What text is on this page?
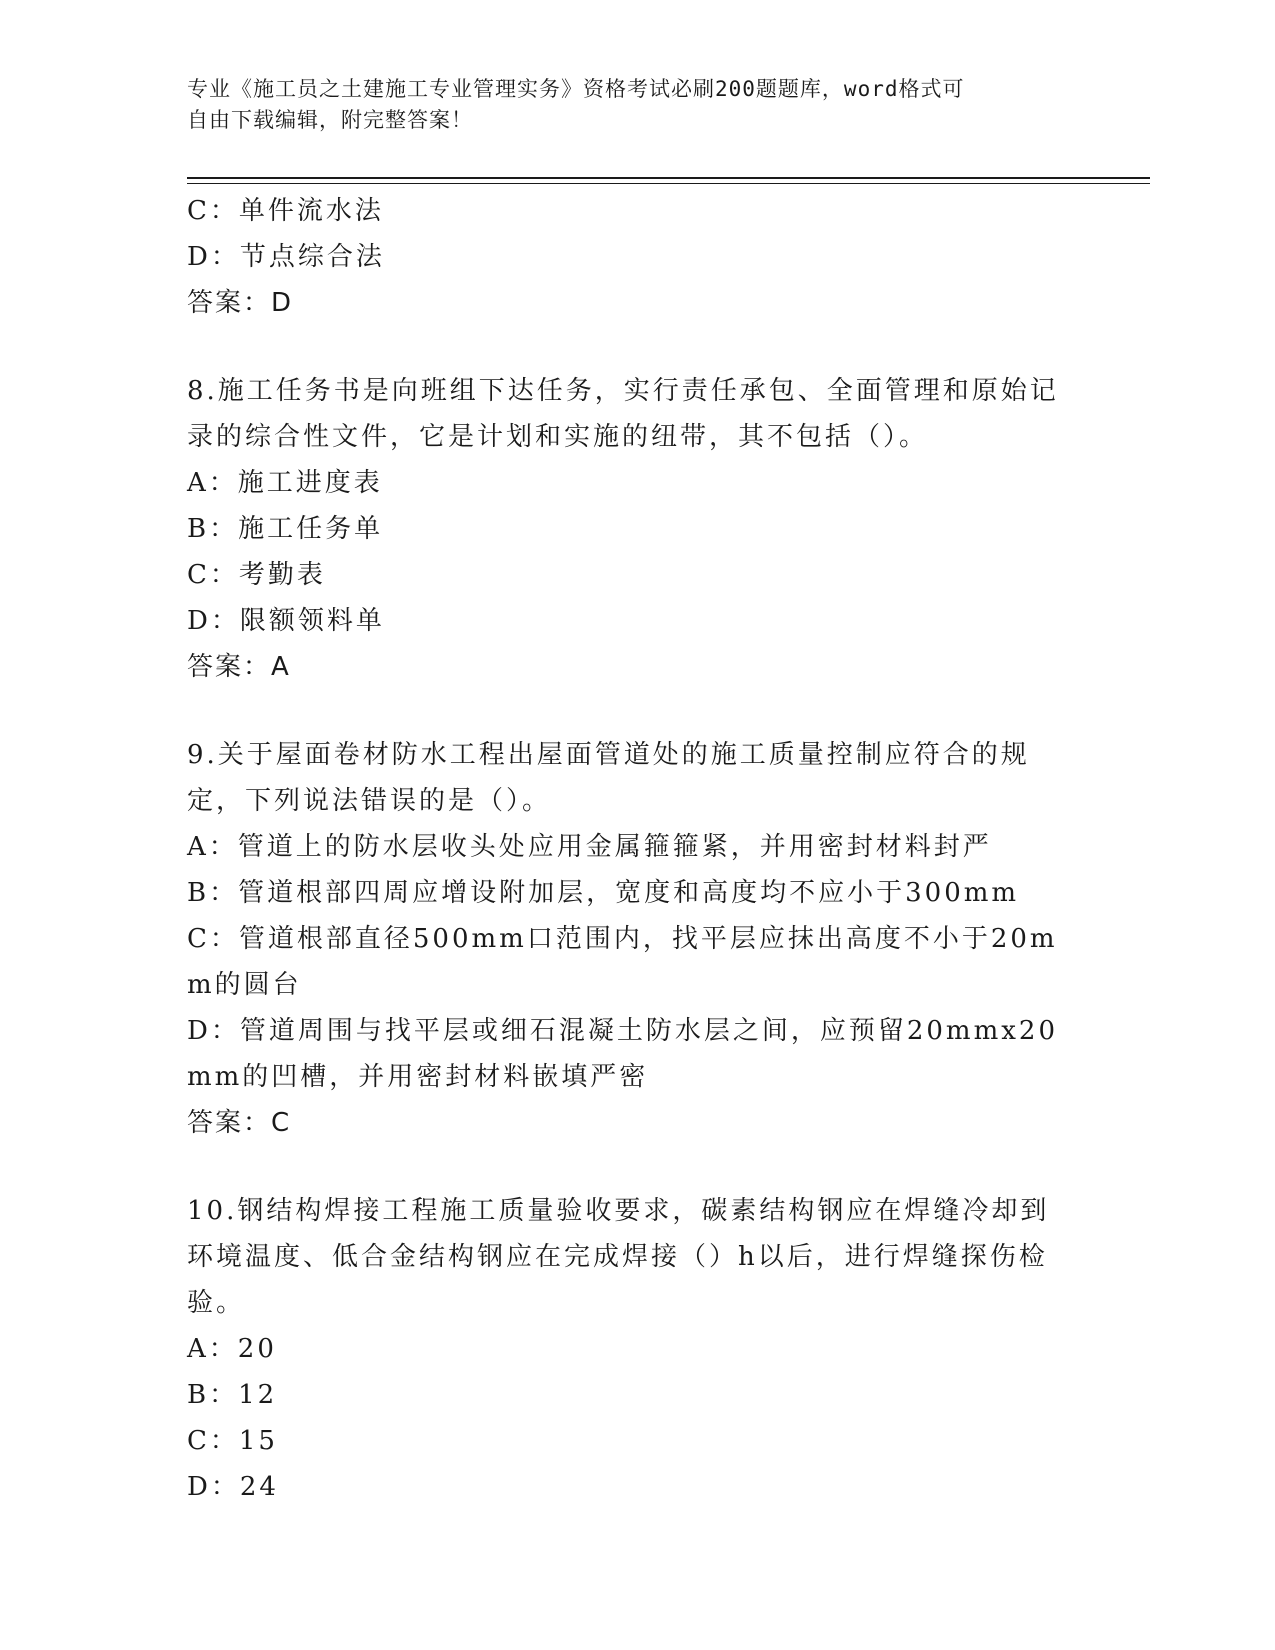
专业《施工员之土建施工专业管理实务》资格考试必刷200题题库，word格式可
自由下载编辑，附完整答案！
C：单件流水法
D：节点综合法
答案：D
8.施工任务书是向班组下达任务，实行责任承包、全面管理和原始记录的综合性文件，它是计划和实施的纽带，其不包括（）。
A：施工进度表
B：施工任务单
C：考勤表
D：限额领料单
答案：A
9.关于屋面卷材防水工程出屋面管道处的施工质量控制应符合的规定，下列说法错误的是（）。
A：管道上的防水层收头处应用金属箍箍紧，并用密封材料封严
B：管道根部四周应增设附加层，宽度和高度均不应小于300mm
C：管道根部直径500mm口范围内，找平层应抹出高度不小于20mm的圆台
D：管道周围与找平层或细石混凝土防水层之间，应预留20mmx20mm的凹槽，并用密封材料嵌填严密
答案：C
10.钢结构焊接工程施工质量验收要求，碳素结构钢应在焊缝冷却到环境温度、低合金结构钢应在完成焊接（）h以后，进行焊缝探伤检验。
A：20
B：12
C：15
D：24
